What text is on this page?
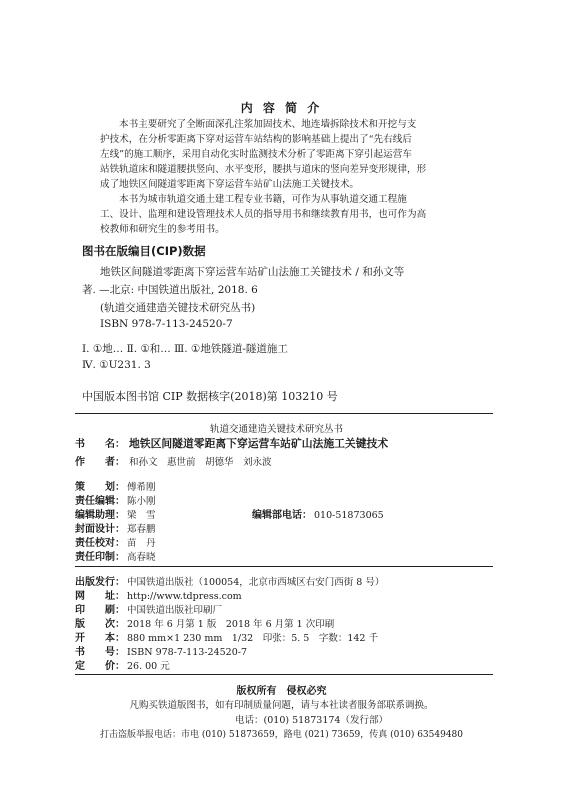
内 容 简 介
本书主要研究了全断面深孔注浆加固技术、地连墙拆除技术和开挖与支
护技术，在分析零距离下穿对运营车站结构的影响基础上提出了“先右线后
左线”的施工顺序，采用自动化实时监测技术分析了零距离下穿引起运营车
站铁轨道床和隧道腰拱竖向、水平变形，腰拱与道床的竖向差异变形规律，形
成了地铁区间隧道零距离下穿运营车站矿山法施工关键技术。
本书为城市轨道交通土建工程专业书籍，可作为从事轨道交通工程施
工、设计、监理和建设管理技术人员的指导用书和继续教育用书，也可作为高
校教师和研究生的参考用书。
图书在版编目(CIP)数据
地铁区间隧道零距离下穿运营车站矿山法施工关键技术 / 和孙文等
著. —北京: 中国铁道出版社, 2018. 6
(轨道交通建造关键技术研究丛书)
ISBN 978-7-113-24520-7
Ⅰ. ①地… Ⅱ. ①和… Ⅲ. ①地铁隧道-隧道施工
Ⅳ. ①U231. 3
中国版本图书馆 CIP 数据核字(2018)第 103210 号
轨道交通建造关键技术研究丛书
书　　名： 地铁区间隧道零距离下穿运营车站矿山法施工关键技术
作　　者： 和孙文　惠世前　胡德华　刘永波
策　　划： 傅希刚
责任编辑： 陈小刚
编辑助理： 梁　雪	编辑部电话： 010-51873065
封面设计： 郑春鹏
责任校对： 苗　丹
责任印制： 高春晓
出版发行： 中国铁道出版社（100054，北京市西城区右安门西街 8 号）
网　　址： http://www.tdpress.com
印　　刷： 中国铁道出版社印刷厂
版　　次： 2018 年 6 月第 1 版　2018 年 6 月第 1 次印刷
开　　本： 880 mm×1 230 mm　1/32　印张：5. 5　字数：142 千
书　　号： ISBN 978-7-113-24520-7
定　　价： 26. 00 元
版权所有　侵权必究
凡购买铁道版图书，如有印制质量问题，请与本社读者服务部联系调换。
电话：(010) 51873174（发行部）
打击盗版举报电话：市电 (010) 51873659，路电 (021) 73659，传真 (010) 63549480
